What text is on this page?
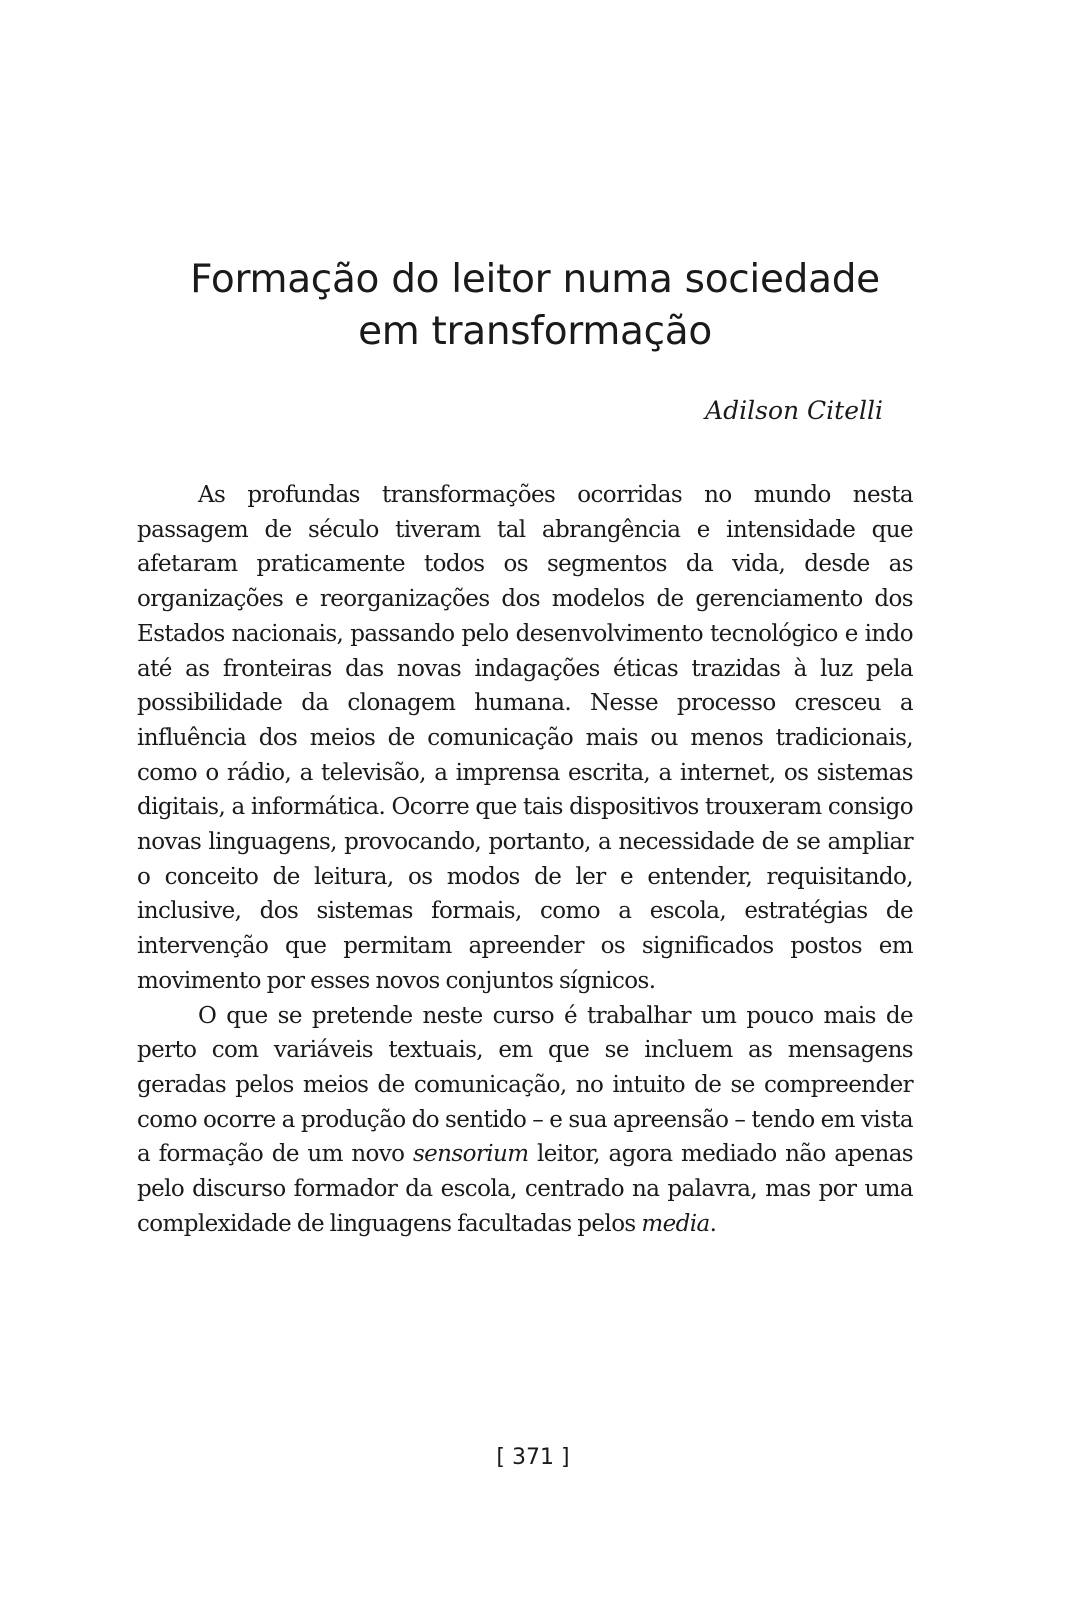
Formação do leitor numa sociedade
em transformação

Adilson Citelli

As profundas transformações ocorridas no mundo nesta passagem de século tiveram tal abrangência e intensidade que afetaram praticamente todos os segmentos da vida, desde as organizações e reorganizações dos modelos de gerenciamento dos Estados nacionais, passando pelo desenvolvimento tecnológico e indo até as fronteiras das novas indagações éticas trazidas à luz pela possibilidade da clonagem humana. Nesse processo cresceu a influência dos meios de comunicação mais ou menos tradicionais, como o rádio, a televisão, a imprensa escrita, a internet, os sistemas digitais, a informática. Ocorre que tais dispositivos trouxeram consigo novas linguagens, provocando, portanto, a necessidade de se ampliar o conceito de leitura, os modos de ler e entender, requisitando, inclusive, dos sistemas formais, como a escola, estratégias de intervenção que permitam apreender os significados postos em movimento por esses novos conjuntos sígnicos.

O que se pretende neste curso é trabalhar um pouco mais de perto com variáveis textuais, em que se incluem as mensagens geradas pelos meios de comunicação, no intuito de se compreender como ocorre a produção do sentido – e sua apreensão – tendo em vista a formação de um novo sensorium leitor, agora mediado não apenas pelo discurso formador da escola, centrado na palavra, mas por uma complexidade de linguagens facultadas pelos media.

[ 371 ]
